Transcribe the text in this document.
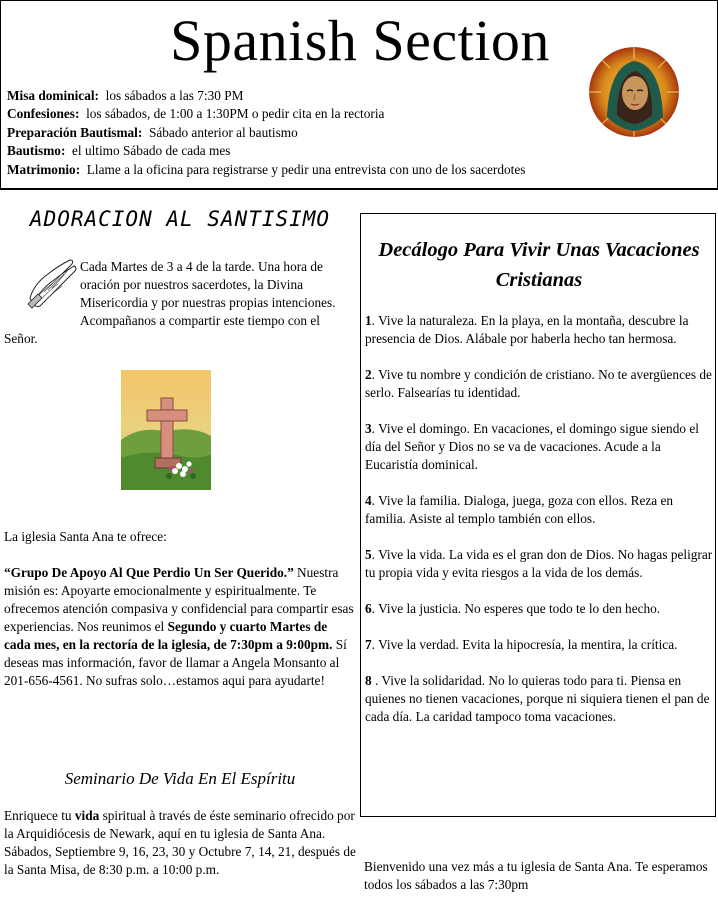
Spanish Section
Misa dominical: los sábados a las 7:30 PM
Confesiones: los sábados, de 1:00 a 1:30PM o pedir cita en la rectoria
Preparación Bautismal: Sábado anterior al bautismo
Bautismo: el ultimo Sábado de cada mes
Matrimonio: Llame a la oficina para registrarse y pedir una entrevista con uno de los sacerdotes
ADORACION AL SANTISIMO
Cada Martes de 3 a 4 de la tarde. Una hora de oración por nuestros sacerdotes, la Divina Misericordia y por nuestras propias intenciones. Acompañanos a compartir este tiempo con el Señor.
La iglesia Santa Ana te ofrece:
“Grupo De Apoyo Al Que Perdio Un Ser Querido.” Nuestra misión es: Apoyarte emocionalmente y espiritualmente. Te ofrecemos atención compasiva y confidencial para compartir esas experiencias. Nos reunimos el Segundo y cuarto Martes de cada mes, en la rectoría de la iglesia, de 7:30pm a 9:00pm. Sí deseas mas información, favor de llamar a Angela Monsanto al 201-656-4561. No sufras solo…estamos aqui para ayudarte!
Seminario De Vida En El Espíritu
Enriquece tu vida spiritual à través de éste seminario ofrecido por la Arquidiócesis de Newark, aquí en tu iglesia de Santa Ana. Sábados, Septiembre 9, 16, 23, 30 y Octubre 7, 14, 21, después de la Santa Misa, de 8:30 p.m. a 10:00 p.m.
Decálogo Para Vivir Unas Vacaciones Cristianas
1. Vive la naturaleza. En la playa, en la montaña, descubre la presencia de Dios. Alábale por haberla hecho tan hermosa.
2. Vive tu nombre y condición de cristiano. No te avergüences de serlo. Falsearías tu identidad.
3. Vive el domingo. En vacaciones, el domingo sigue siendo el día del Señor y Dios no se va de vacaciones. Acude a la Eucaristía dominical.
4. Vive la familia. Dialoga, juega, goza con ellos. Reza en familia. Asiste al templo también con ellos.
5. Vive la vida. La vida es el gran don de Dios. No hagas peligrar tu propia vida y evita riesgos a la vida de los demás.
6. Vive la justicia. No esperes que todo te lo den hecho.
7. Vive la verdad. Evita la hipocresía, la mentira, la crítica.
8 . Vive la solidaridad. No lo quieras todo para ti. Piensa en quienes no tienen vacaciones, porque ni siquiera tienen el pan de cada día. La caridad tampoco toma vacaciones.
Bienvenido una vez más a tu iglesia de Santa Ana. Te esperamos todos los sábados a las 7:30pm
